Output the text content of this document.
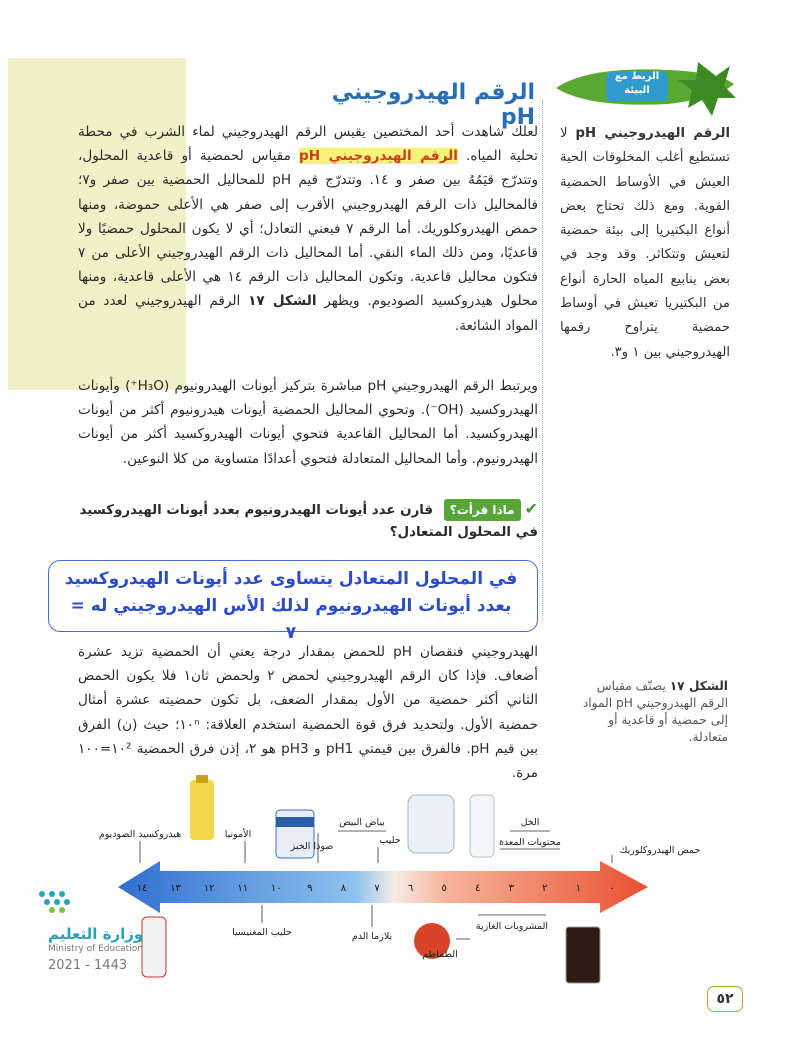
الربط مع
البيئة
الرقم الهيدروجيني pH لا تستطيع أغلب المخلوقات الحية العيش في الأوساط الحمضية القوية. ومع ذلك تحتاج بعض أنواع البكتيريا إلى بيئة حمضية لتعيش وتتكاثر. وقد وجد في بعض ينابيع المياه الحارة أنواع من البكتيريا تعيش في أوساط حمضية يتراوح رقمها الهيدروجيني بين ١ و٣.
الرقم الهيدروجيني pH
لعلك شاهدت أحد المختصين يقيس الرقم الهيدروجيني لماء الشرب في محطة تحلية المياه. الرقم الهيدروجيني pH مقياس لحمضية أو قاعدية المحلول، وتتدرّج قيَمُهُ بين صفر و ١٤. وتتدرّج قيم pH للمحاليل الحمضية بين صفر و٧؛ فالمحاليل ذات الرقم الهيدروجيني الأقرب إلى صفر هي الأعلى حموضة، ومنها حمض الهيدروكلوريك. أما الرقم ٧ فيعني التعادل؛ أي لا يكون المحلول حمضيًا ولا قاعديًا، ومن ذلك الماء النقي. أما المحاليل ذات الرقم الهيدروجيني الأعلى من ٧ فتكون محاليل قاعدية. وتكون المحاليل ذات الرقم ١٤ هي الأعلى قاعدية، ومنها محلول هيدروكسيد الصوديوم. ويظهر الشكل ١٧ الرقم الهيدروجيني لعدد من المواد الشائعة.
ويرتبط الرقم الهيدروجيني pH مباشرة بتركيز أيونات الهيدرونيوم (H₃O⁺) وأيونات الهيدروكسيد (OH⁻). وتحوي المحاليل الحمضية أيونات هيدرونيوم أكثر من أيونات الهيدروكسيد. أما المحاليل القاعدية فتحوي أيونات الهيدروكسيد أكثر من أيونات الهيدرونيوم. وأما المحاليل المتعادلة فتحوي أعدادًا متساوية من كلا النوعين.
✔ماذا قرأت؟ قارن عدد أيونات الهيدرونيوم بعدد أيونات الهيدروكسيد في المحلول المتعادل؟
في المحلول المتعادل يتساوى عدد أيونات الهيدروكسيد بعدد أيونات الهيدرونيوم لذلك الأس الهيدروجيني له = ٧
الهيدروجيني فنقصان pH للحمض بمقدار درجة يعني أن الحمضية تزيد عشرة أضعاف. فإذا كان الرقم الهيدروجيني لحمض ٢ ولحمض ثان١ فلا يكون الحمض الثاني أكثر حمضية من الأول بمقدار الضعف، بل تكون حمضيته عشرة أمثال حمضية الأول. ولتحديد فرق قوة الحمضية استخدم العلاقة: ١٠ⁿ؛ حيث (ن) الفرق بين قيم pH. فالفرق بين قيمتي pH1 و pH3 هو ٢، إذن فرق الحمضية ١٠²=١٠٠ مرة.
الشكل ١٧ يصنّف مقياس الرقم الهيدروجيني pH المواد إلى حمضية أو قاعدية أو متعادلة.
١٤ ١٣ ١٢ ١١ ١٠	٩	٨	٧	٦	٥	٤	٣	٢	١	٠
هيدروكسيد الصوديوم	الأمونيا
صودا الخبز
بياض البيض
حليب
الخل
محتويات المعدة
حمض الهيدروكلوريك
حليب المغنيسيا	بلازما الدم
الطماطم
المشروبات الغازية
وزارة التعليم
Ministry of Education
2021 - 1443
٥٢
